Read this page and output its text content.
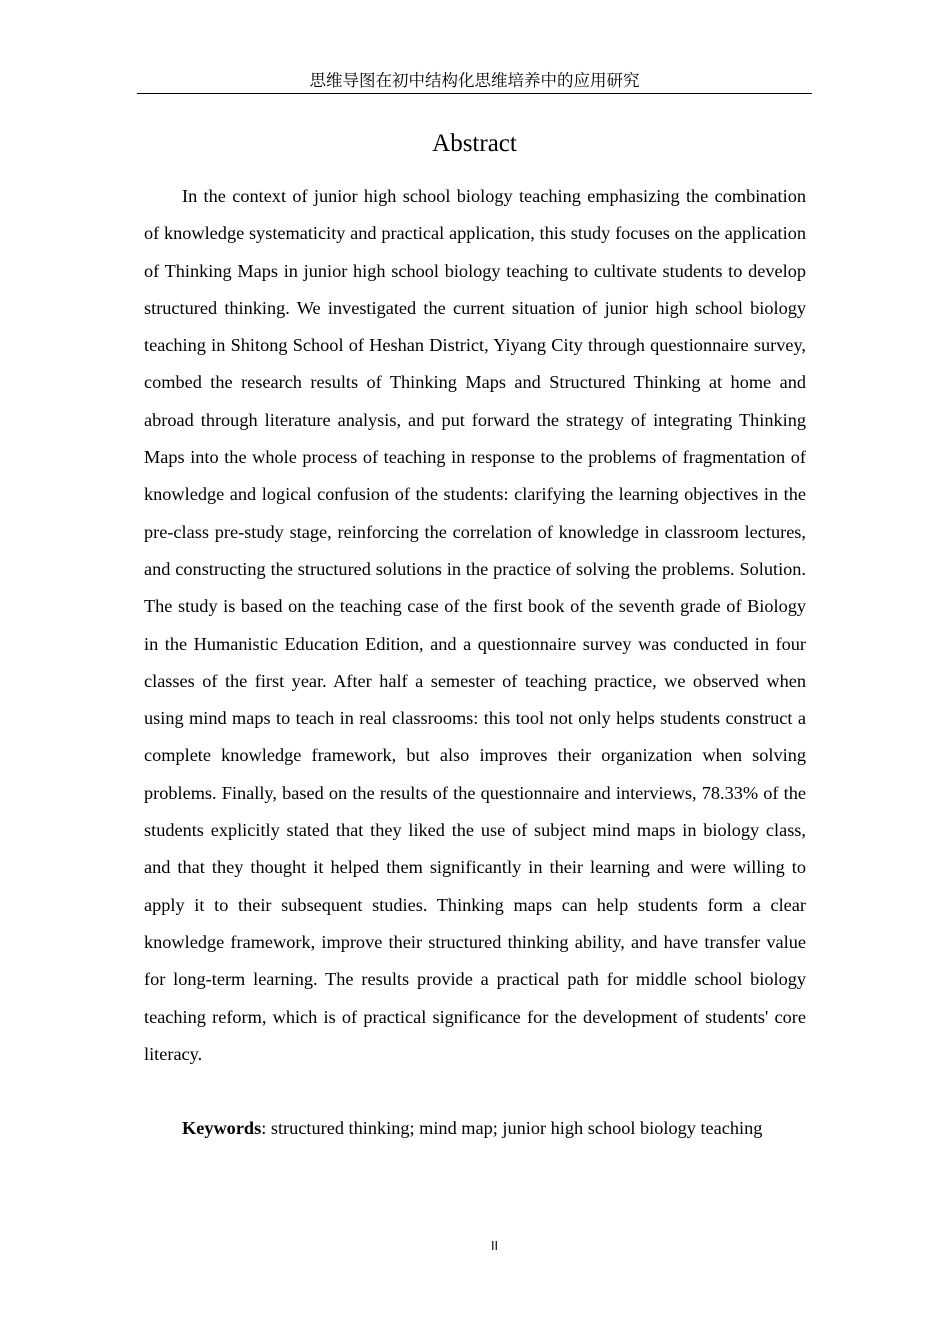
思维导图在初中结构化思维培养中的应用研究
Abstract

In the context of junior high school biology teaching emphasizing the combination of knowledge systematicity and practical application, this study focuses on the application of Thinking Maps in junior high school biology teaching to cultivate students to develop structured thinking. We investigated the current situation of junior high school biology teaching in Shitong School of Heshan District, Yiyang City through questionnaire survey, combed the research results of Thinking Maps and Structured Thinking at home and abroad through literature analysis, and put forward the strategy of integrating Thinking Maps into the whole process of teaching in response to the problems of fragmentation of knowledge and logical confusion of the students: clarifying the learning objectives in the pre-class pre-study stage, reinforcing the correlation of knowledge in classroom lectures, and constructing the structured solutions in the practice of solving the problems. Solution. The study is based on the teaching case of the first book of the seventh grade of Biology in the Humanistic Education Edition, and a questionnaire survey was conducted in four classes of the first year. After half a semester of teaching practice, we observed when using mind maps to teach in real classrooms: this tool not only helps students construct a complete knowledge framework, but also improves their organization when solving problems. Finally, based on the results of the questionnaire and interviews, 78.33% of the students explicitly stated that they liked the use of subject mind maps in biology class, and that they thought it helped them significantly in their learning and were willing to apply it to their subsequent studies. Thinking maps can help students form a clear knowledge framework, improve their structured thinking ability, and have transfer value for long-term learning. The results provide a practical path for middle school biology teaching reform, which is of practical significance for the development of students' core literacy.

Keywords: structured thinking; mind map; junior high school biology teaching

II
